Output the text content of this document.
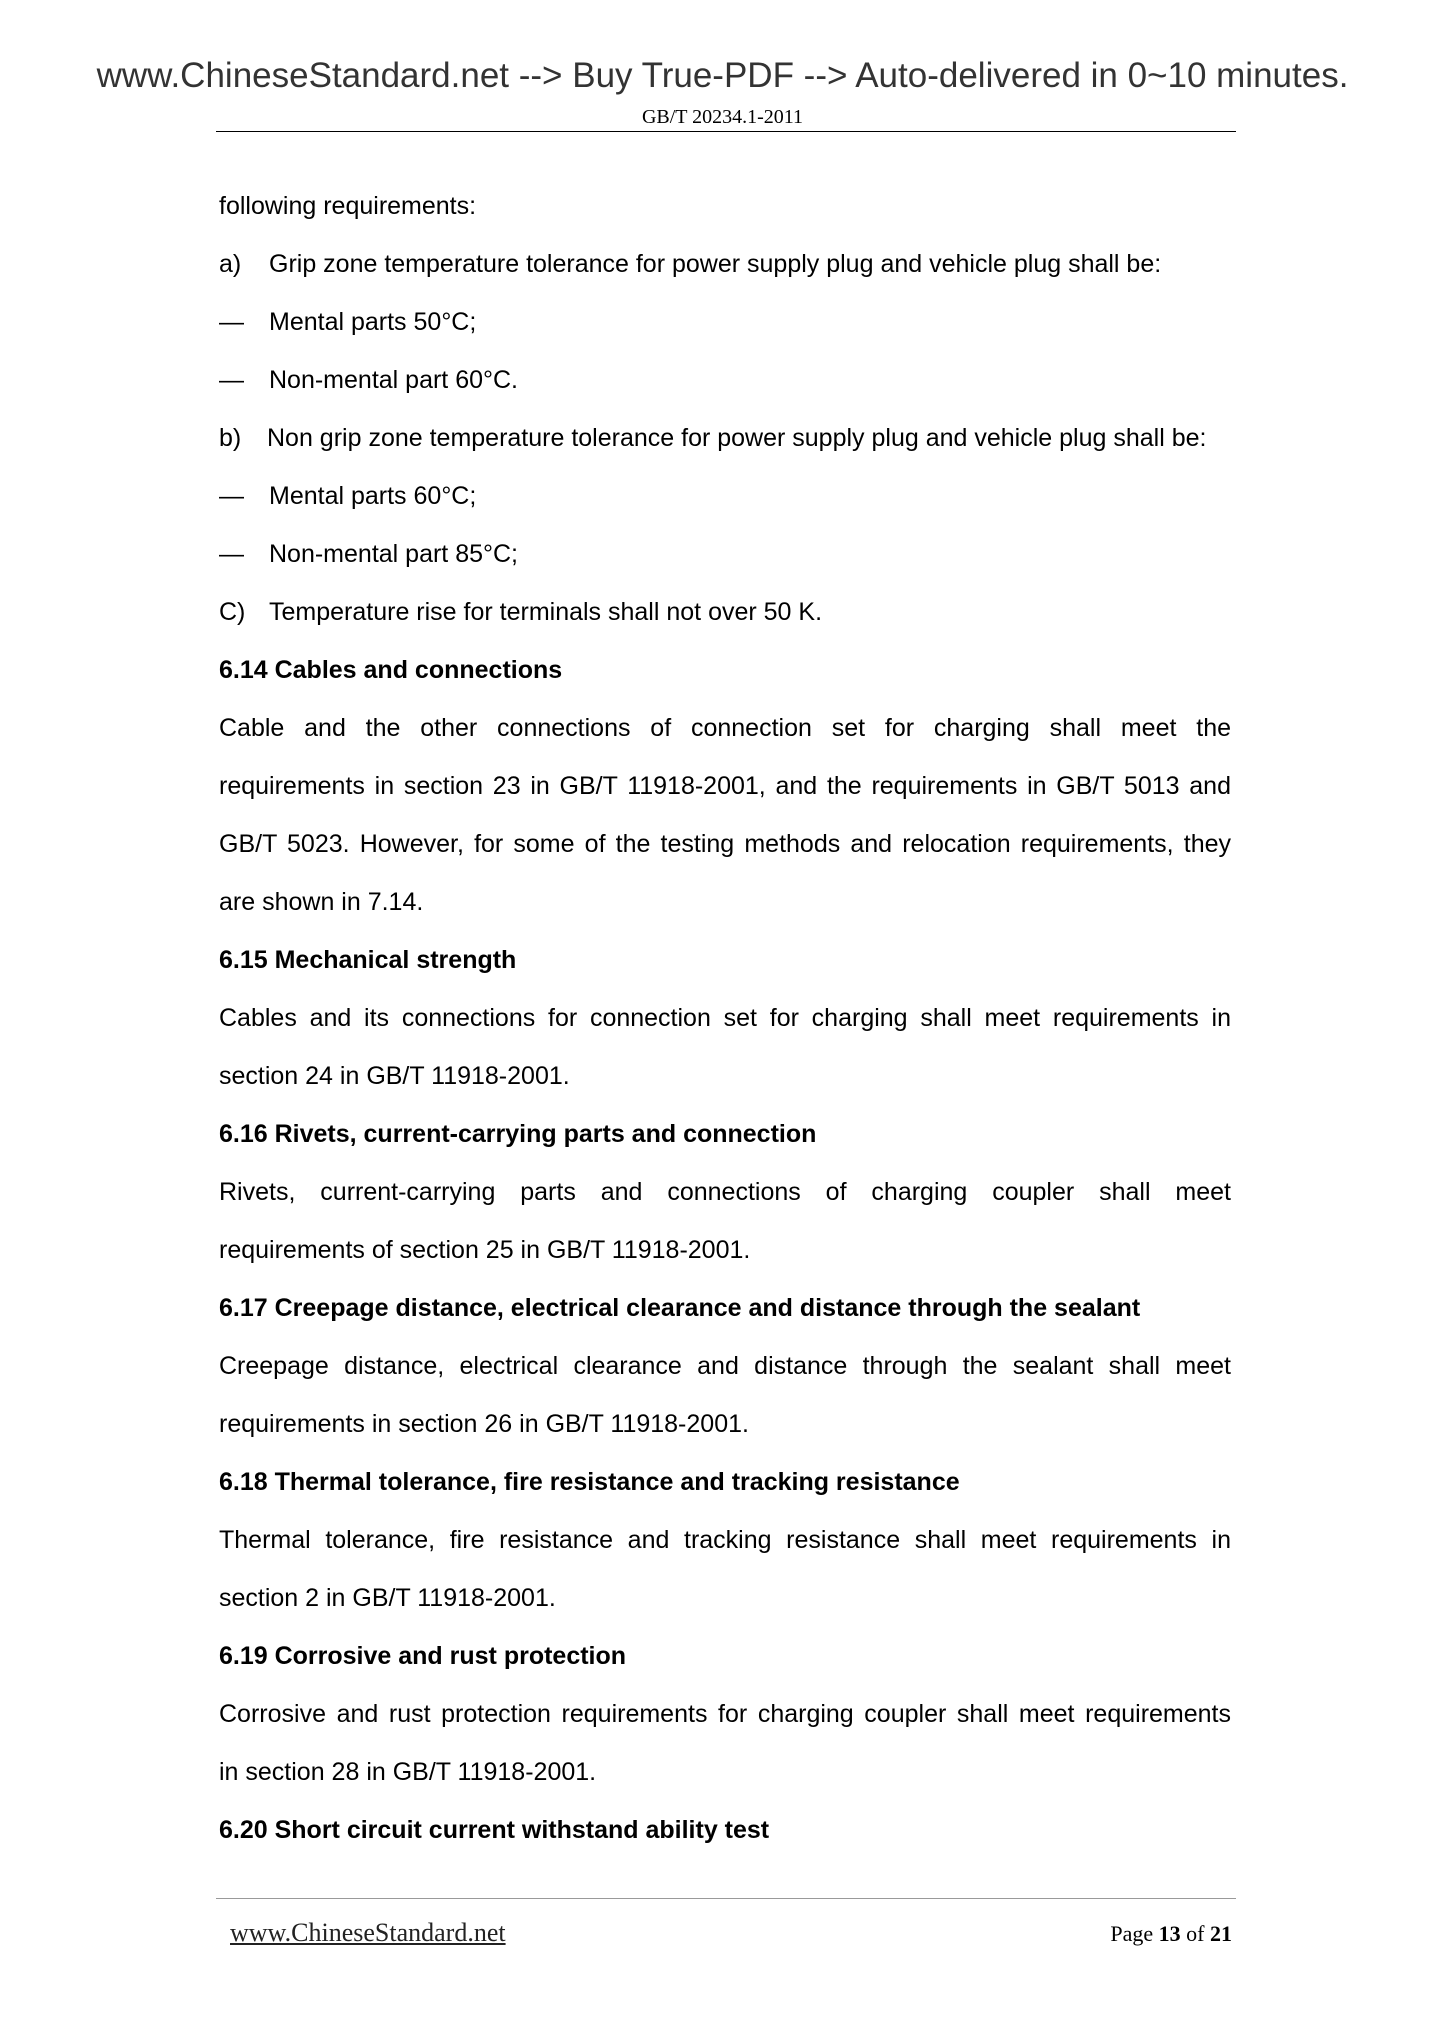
www.ChineseStandard.net --> Buy True-PDF --> Auto-delivered in 0~10 minutes.
GB/T 20234.1-2011
following requirements:
a) Grip zone temperature tolerance for power supply plug and vehicle plug shall be:
— Mental parts 50°C;
— Non-mental part 60°C.
b) Non grip zone temperature tolerance for power supply plug and vehicle plug shall be:
— Mental parts 60°C;
— Non-mental part 85°C;
C) Temperature rise for terminals shall not over 50 K.
6.14 Cables and connections
Cable and the other connections of connection set for charging shall meet the
requirements in section 23 in GB/T 11918-2001, and the requirements in GB/T 5013 and
GB/T 5023. However, for some of the testing methods and relocation requirements, they
are shown in 7.14.
6.15 Mechanical strength
Cables and its connections for connection set for charging shall meet requirements in
section 24 in GB/T 11918-2001.
6.16 Rivets, current-carrying parts and connection
Rivets, current-carrying parts and connections of charging coupler shall meet
requirements of section 25 in GB/T 11918-2001.
6.17 Creepage distance, electrical clearance and distance through the sealant
Creepage distance, electrical clearance and distance through the sealant shall meet
requirements in section 26 in GB/T 11918-2001.
6.18 Thermal tolerance, fire resistance and tracking resistance
Thermal tolerance, fire resistance and tracking resistance shall meet requirements in
section 2 in GB/T 11918-2001.
6.19 Corrosive and rust protection
Corrosive and rust protection requirements for charging coupler shall meet requirements
in section 28 in GB/T 11918-2001.
6.20 Short circuit current withstand ability test
www.ChineseStandard.net	Page 13 of 21
